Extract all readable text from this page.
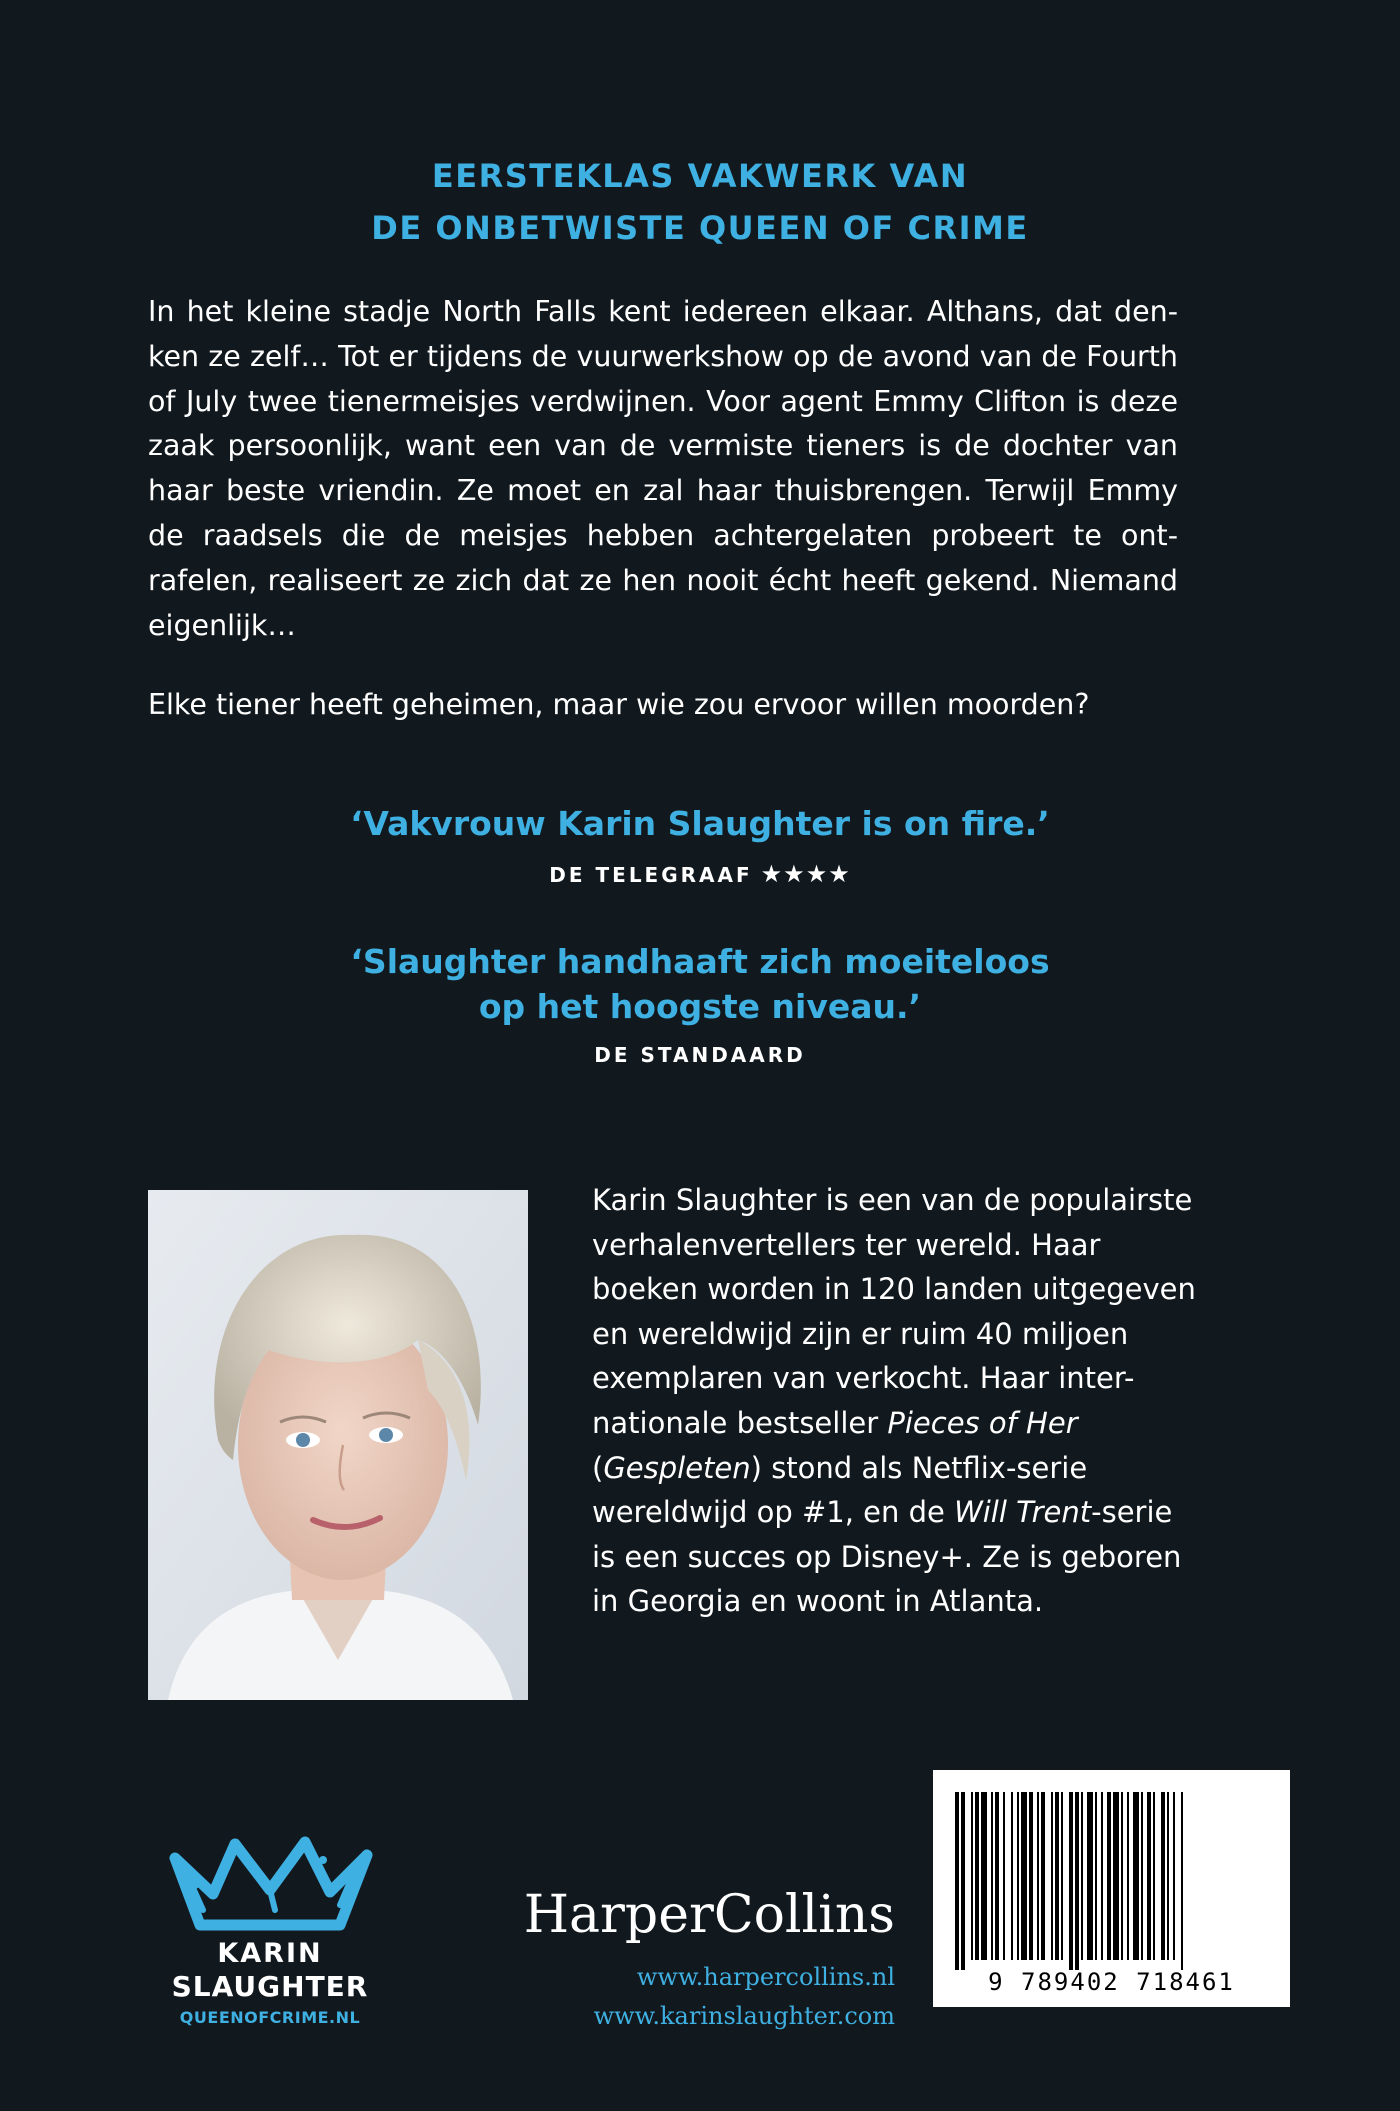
EERSTEKLAS VAKWERK VAN
DE ONBETWISTE QUEEN OF CRIME
In het kleine stadje North Falls kent iedereen elkaar. Althans, dat denken ze zelf… Tot er tijdens de vuurwerkshow op de avond van de Fourth of July twee tienermeisjes verdwijnen. Voor agent Emmy Clifton is deze zaak persoonlijk, want een van de vermiste tieners is de dochter van haar beste vriendin. Ze moet en zal haar thuisbrengen. Terwijl Emmy de raadsels die de meisjes hebben achtergelaten probeert te ontrafelen, realiseert ze zich dat ze hen nooit écht heeft gekend. Niemand eigenlijk…
Elke tiener heeft geheimen, maar wie zou ervoor willen moorden?
‘Vakvrouw Karin Slaughter is on fire.’
DE TELEGRAAF ★★★★
‘Slaughter handhaaft zich moeiteloos
op het hoogste niveau.’
DE STANDAARD
Karin Slaughter is een van de populairste
verhalenvertellers ter wereld. Haar
boeken worden in 120 landen uitgegeven
en wereldwijd zijn er ruim 40 miljoen
exemplaren van verkocht. Haar inter-
nationale bestseller Pieces of Her
(Gespleten) stond als Netflix-serie
wereldwijd op #1, en de Will Trent-serie
is een succes op Disney+. Ze is geboren
in Georgia en woont in Atlanta.
KARIN
SLAUGHTER
QUEENOFCRIME.NL
HarperCollins
www.harpercollins.nl
www.karinslaughter.com
9 789402 718461
